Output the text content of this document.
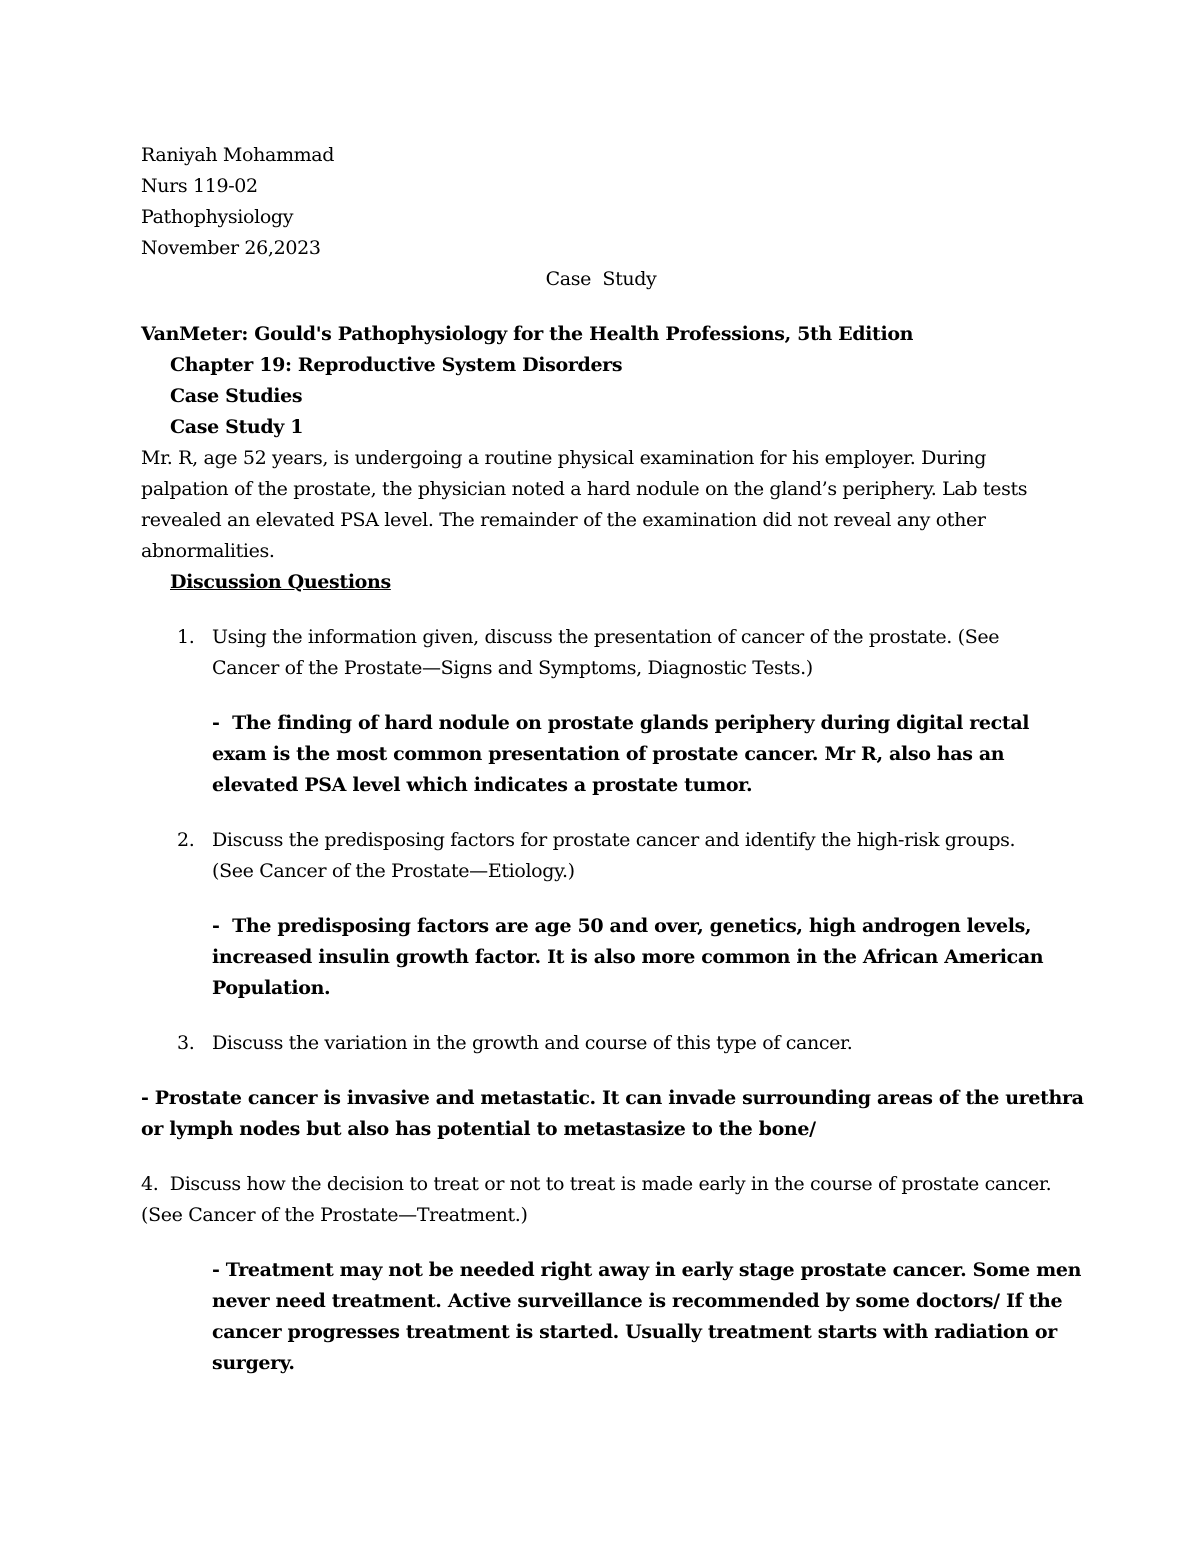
Raniyah Mohammad
Nurs 119-02
Pathophysiology
November 26,2023
Case  Study
VanMeter: Gould's Pathophysiology for the Health Professions, 5th Edition
Chapter 19: Reproductive System Disorders
Case Studies
Case Study 1
Mr. R, age 52 years, is undergoing a routine physical examination for his employer. During
palpation of the prostate, the physician noted a hard nodule on the gland’s periphery. Lab tests
revealed an elevated PSA level. The remainder of the examination did not reveal any other
abnormalities.
Discussion Questions
1. Using the information given, discuss the presentation of cancer of the prostate. (See
Cancer of the Prostate—Signs and Symptoms, Diagnostic Tests.)
-  The finding of hard nodule on prostate glands periphery during digital rectal
exam is the most common presentation of prostate cancer. Mr R, also has an
elevated PSA level which indicates a prostate tumor.
2. Discuss the predisposing factors for prostate cancer and identify the high-risk groups.
(See Cancer of the Prostate—Etiology.)
-  The predisposing factors are age 50 and over, genetics, high androgen levels,
increased insulin growth factor. It is also more common in the African American
Population.
3. Discuss the variation in the growth and course of this type of cancer.
- Prostate cancer is invasive and metastatic. It can invade surrounding areas of the urethra
or lymph nodes but also has potential to metastasize to the bone/
4.  Discuss how the decision to treat or not to treat is made early in the course of prostate cancer.
(See Cancer of the Prostate—Treatment.)
- Treatment may not be needed right away in early stage prostate cancer. Some men
never need treatment. Active surveillance is recommended by some doctors/ If the
cancer progresses treatment is started. Usually treatment starts with radiation or
surgery.
